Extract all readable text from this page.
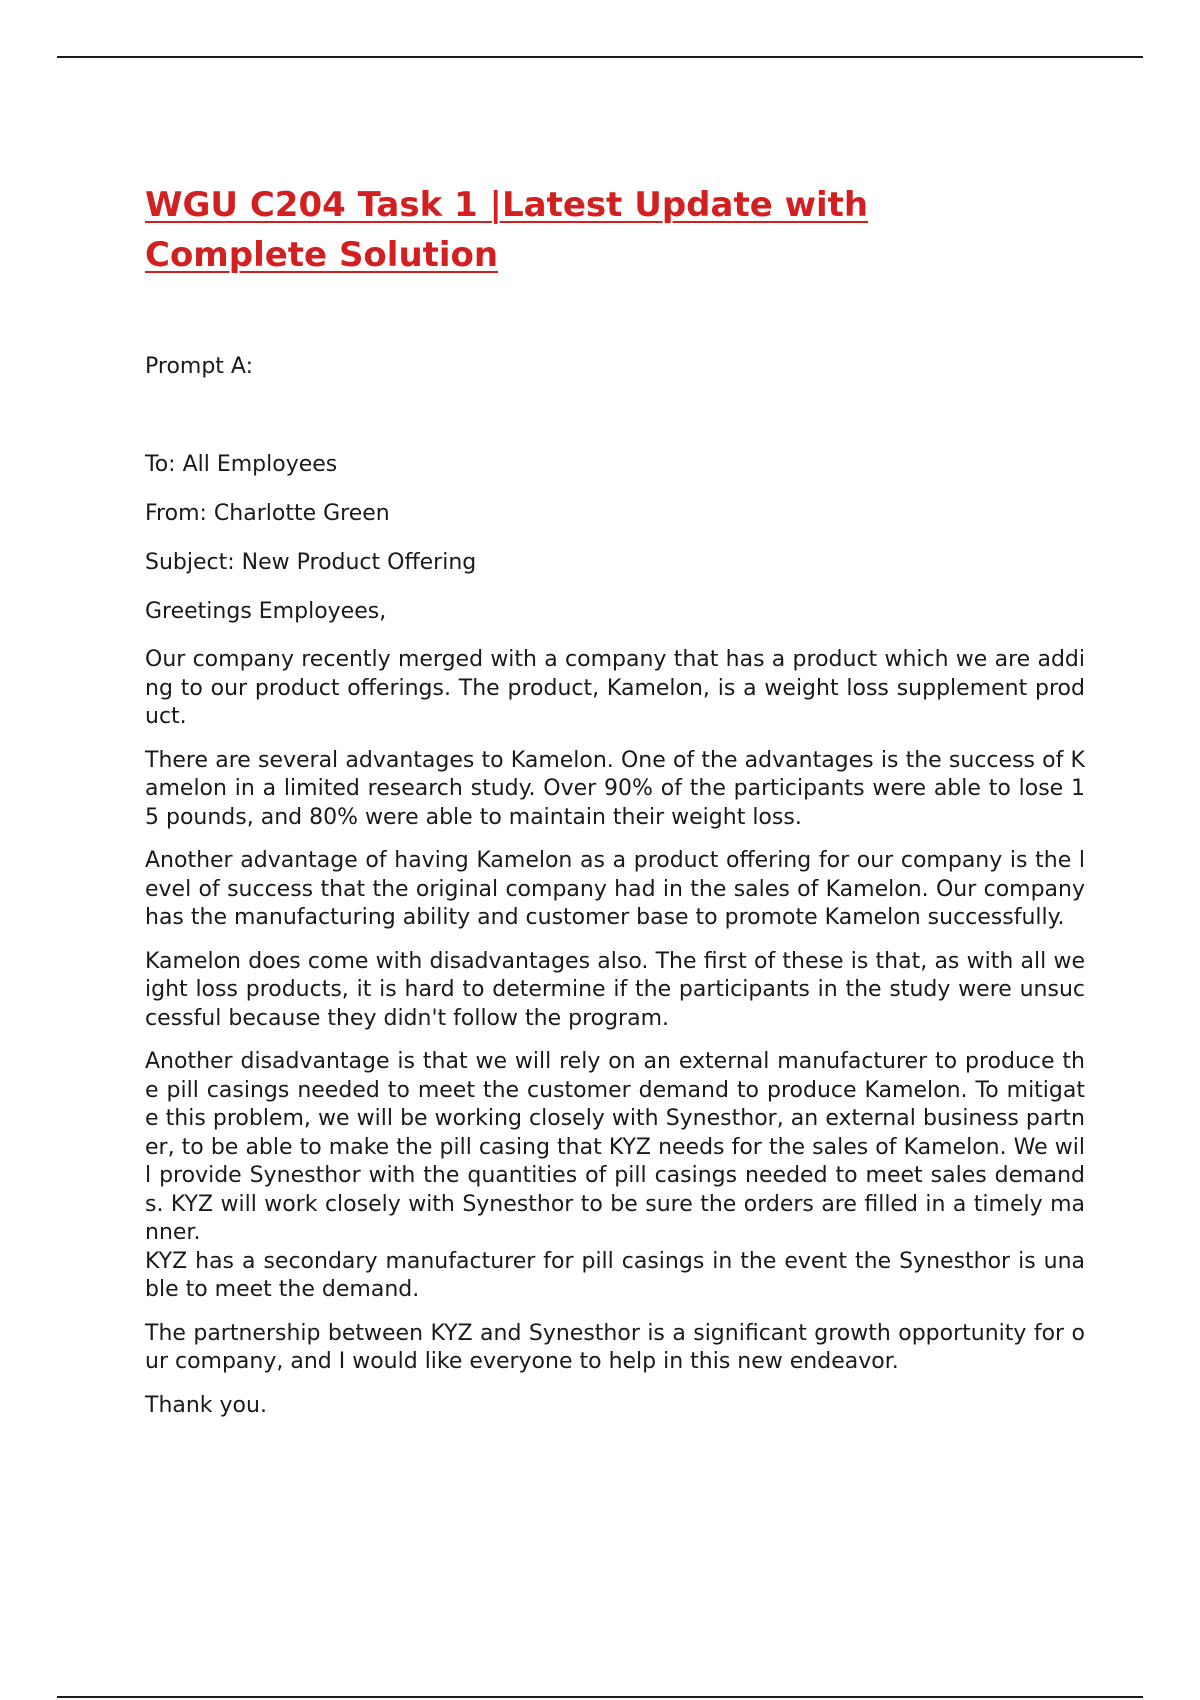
WGU C204 Task 1 |Latest Update with Complete Solution

Prompt A:

To: All Employees

From: Charlotte Green

Subject: New Product Offering

Greetings Employees,

Our company recently merged with a company that has a product which we are adding to our product offerings. The product, Kamelon, is a weight loss supplement product.

There are several advantages to Kamelon. One of the advantages is the success of Kamelon in a limited research study. Over 90% of the participants were able to lose 15 pounds, and 80% were able to maintain their weight loss.

Another advantage of having Kamelon as a product offering for our company is the level of success that the original company had in the sales of Kamelon. Our company has the manufacturing ability and customer base to promote Kamelon successfully.

Kamelon does come with disadvantages also. The first of these is that, as with all weight loss products, it is hard to determine if the participants in the study were unsuccessful because they didn't follow the program.

Another disadvantage is that we will rely on an external manufacturer to produce the pill casings needed to meet the customer demand to produce Kamelon. To mitigate this problem, we will be working closely with Synesthor, an external business partner, to be able to make the pill casing that KYZ needs for the sales of Kamelon. We will provide Synesthor with the quantities of pill casings needed to meet sales demands. KYZ will work closely with Synesthor to be sure the orders are filled in a timely manner.

KYZ has a secondary manufacturer for pill casings in the event the Synesthor is unable to meet the demand.

The partnership between KYZ and Synesthor is a significant growth opportunity for our company, and I would like everyone to help in this new endeavor.

Thank you.
